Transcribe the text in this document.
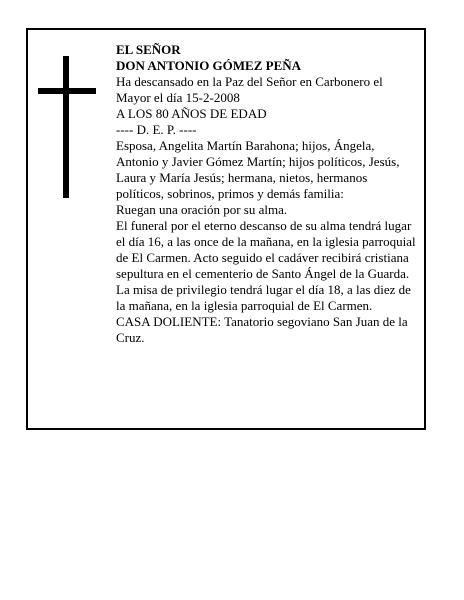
EL SEÑOR

DON ANTONIO GÓMEZ PEÑA

Ha descansado en la Paz del Señor en Carbonero el Mayor el día 15-2-2008

A LOS 80 AÑOS DE EDAD

---- D. E. P. ----

Esposa, Angelita Martín Barahona; hijos, Ángela, Antonio y Javier Gómez Martín; hijos políticos, Jesús, Laura y María Jesús; hermana, nietos, hermanos políticos, sobrinos, primos y demás familia:

Ruegan una oración por su alma.

El funeral por el eterno descanso de su alma tendrá lugar el día 16, a las once de la mañana, en la iglesia parroquial de El Carmen. Acto seguido el cadáver recibirá cristiana sepultura en el cementerio de Santo Ángel de la Guarda. La misa de privilegio tendrá lugar el día 18, a las diez de la mañana, en la iglesia parroquial de El Carmen.

CASA DOLIENTE: Tanatorio segoviano San Juan de la Cruz.
